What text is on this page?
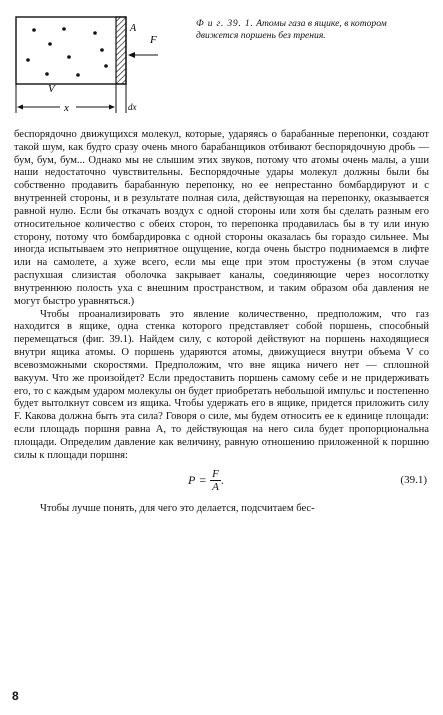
A
F
V
x	dx
Ф и г. 39. 1. Атомы газа в ящике, в котором движется поршень без трения.

беспорядочно движущихся молекул, которые, ударяясь о барабанные перепонки, создают такой шум, как будто сразу очень много барабанщиков отбивают беспорядочную дробь — бум, бум, бум... Однако мы не слышим этих звуков, потому что атомы очень малы, а уши наши недостаточно чувствительны. Беспорядочные удары молекул должны были бы собственно продавить барабанную перепонку, но ее непрестанно бомбардируют и с внутренней стороны, и в результате полная сила, действующая на перепонку, оказывается равной нулю. Если бы откачать воздух с одной стороны или хотя бы сделать разным его относительное количество с обеих сторон, то перепонка продавилась бы в ту или иную сторону, потому что бомбардировка с одной стороны оказалась бы гораздо сильнее. Мы иногда испытываем это неприятное ощущение, когда очень быстро поднимаемся в лифте или на самолете, а хуже всего, если мы еще при этом простужены (в этом случае распухшая слизистая оболочка закрывает каналы, соединяющие через носоглотку внутреннюю полость уха с внешним пространством, и таким образом оба давления не могут быстро уравняться.)

Чтобы проанализировать это явление количественно, предположим, что газ находится в ящике, одна стенка которого представляет собой поршень, способный перемещаться (фиг. 39.1). Найдем силу, с которой действуют на поршень находящиеся внутри ящика атомы. О поршень ударяются атомы, движущиеся внутри объема V со всевозможными скоростями. Предположим, что вне ящика ничего нет — сплошной вакуум. Что же произойдет? Если предоставить поршень самому себе и не придерживать его, то с каждым ударом молекулы он будет приобретать небольшой импульс и постепенно будет вытолкнут совсем из ящика. Чтобы удержать его в ящике, придется приложить силу F. Какова должна быть эта сила? Говоря о силе, мы будем относить ее к единице площади: если площадь поршня равна A, то действующая на него сила будет пропорциональна площади. Определим давление как величину, равную отношению приложенной к поршню силы к площади поршня:

$P = \frac{F}{A}$ .	(39.1)

Чтобы лучше понять, для чего это делается, подсчитаем бес-

8
